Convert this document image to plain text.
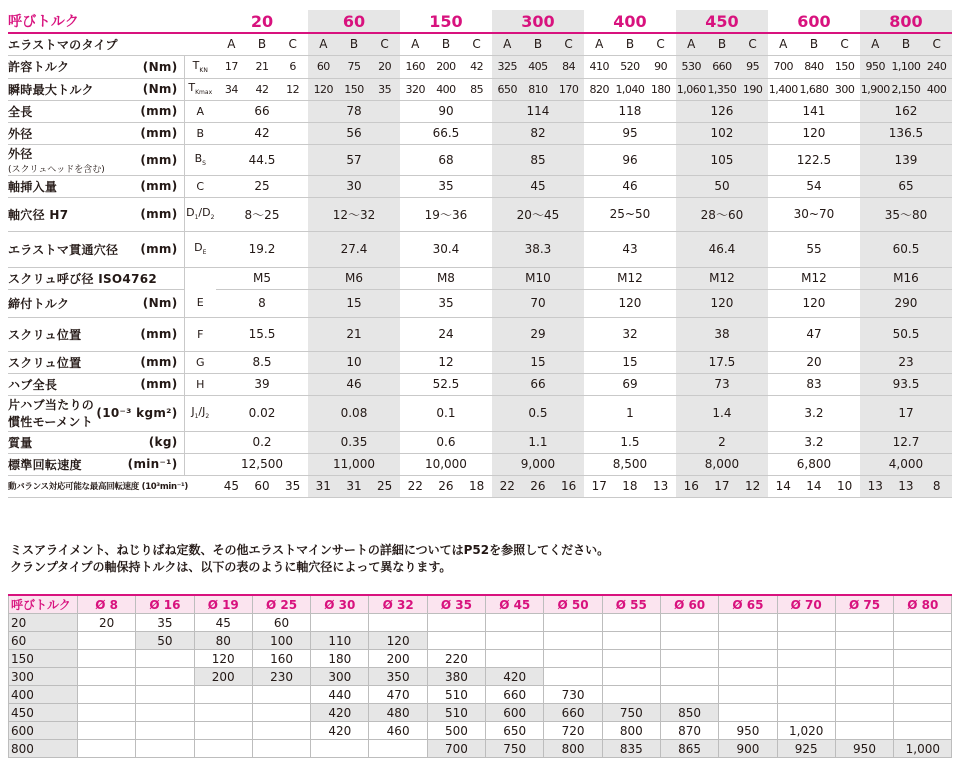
呼びトルク		20			60			150			300			400			450			600			800		
エラストマのタイプ		A	B	C	A	B	C	A	B	C	A	B	C	A	B	C	A	B	C	A	B	C	A	B	C
許容トルク (Nm)	$T_{KN}$	17	21	6	60	75	20	160	200	42	325	405	84	410	520	90	530	660	95	700	840	150	950	1,100	240
瞬時最大トルク (Nm)	$T_{Kmax}$	34	42	12	120	150	35	320	400	85	650	810	170	820	1,040	180	1,060	1,350	190	1,400	1,680	300	1,900	2,150	400
全長 (mm)	A	66			78			90			114			118			126			141			162		
外径 (mm)	B	42			56			66.5			82			95			102			120			136.5		
外径
(スクリュヘッドを含む)
(mm)	$B_S$	44.5			57			68			85			96			105			122.5			139		
軸挿入量 (mm)	C	25			30			35			45			46			50			54			65		
軸穴径 H7 (mm)	$D_1/D_2$	8～25			12～32			19～36			20～45			25~50			28～60			30~70			35～80		
エラストマ貫通穴径 (mm)	$D_E$	19.2			27.4			30.4			38.3			43			46.4			55			60.5		
スクリュ呼び径 ISO4762		M5			M6			M8			M10			M12			M12			M12			M16		
締付トルク (Nm)	E	8			15			35			70			120			120			120			290		
スクリュ位置 (mm)	F	15.5			21			24			29			32			38			47			50.5		
スクリュ位置 (mm)	G	8.5			10			12			15			15			17.5			20			23		
ハブ全長 (mm)	H	39			46			52.5			66			69			73			83			93.5		
片ハブ当たりの
慣性モーメント
(10⁻³ kgm²)	$J_1/J_2$	0.02			0.08			0.1			0.5			1			1.4			3.2			17		
質量 (kg)		0.2			0.35			0.6			1.1			1.5			2			3.2			12.7		
標準回転速度 (min⁻¹)		12,500			11,000			10,000			9,000			8,500			8,000			6,800			4,000		
動バランス対応可能な最高回転速度 (10³min⁻¹)		45	60	35	31	31	25	22	26	18	22	26	16	17	18	13	16	17	12	14	14	10	13	13	8
ミスアライメント、ねじりばね定数、その他エラストマインサートの詳細についてはP52を参照してください。
クランプタイプの軸保持トルクは、以下の表のように軸穴径によって異なります。
呼びトルク	Ø 8	Ø 16	Ø 19	Ø 25	Ø 30	Ø 32	Ø 35	Ø 45	Ø 50	Ø 55	Ø 60	Ø 65	Ø 70	Ø 75	Ø 80
20	20	35	45	60											
60		50	80	100	110	120									
150			120	160	180	200	220								
300			200	230	300	350	380	420							
400					440	470	510	660	730						
450					420	480	510	600	660	750	850				
600					420	460	500	650	720	800	870	950	1,020		
800							700	750	800	835	865	900	925	950	1,000
